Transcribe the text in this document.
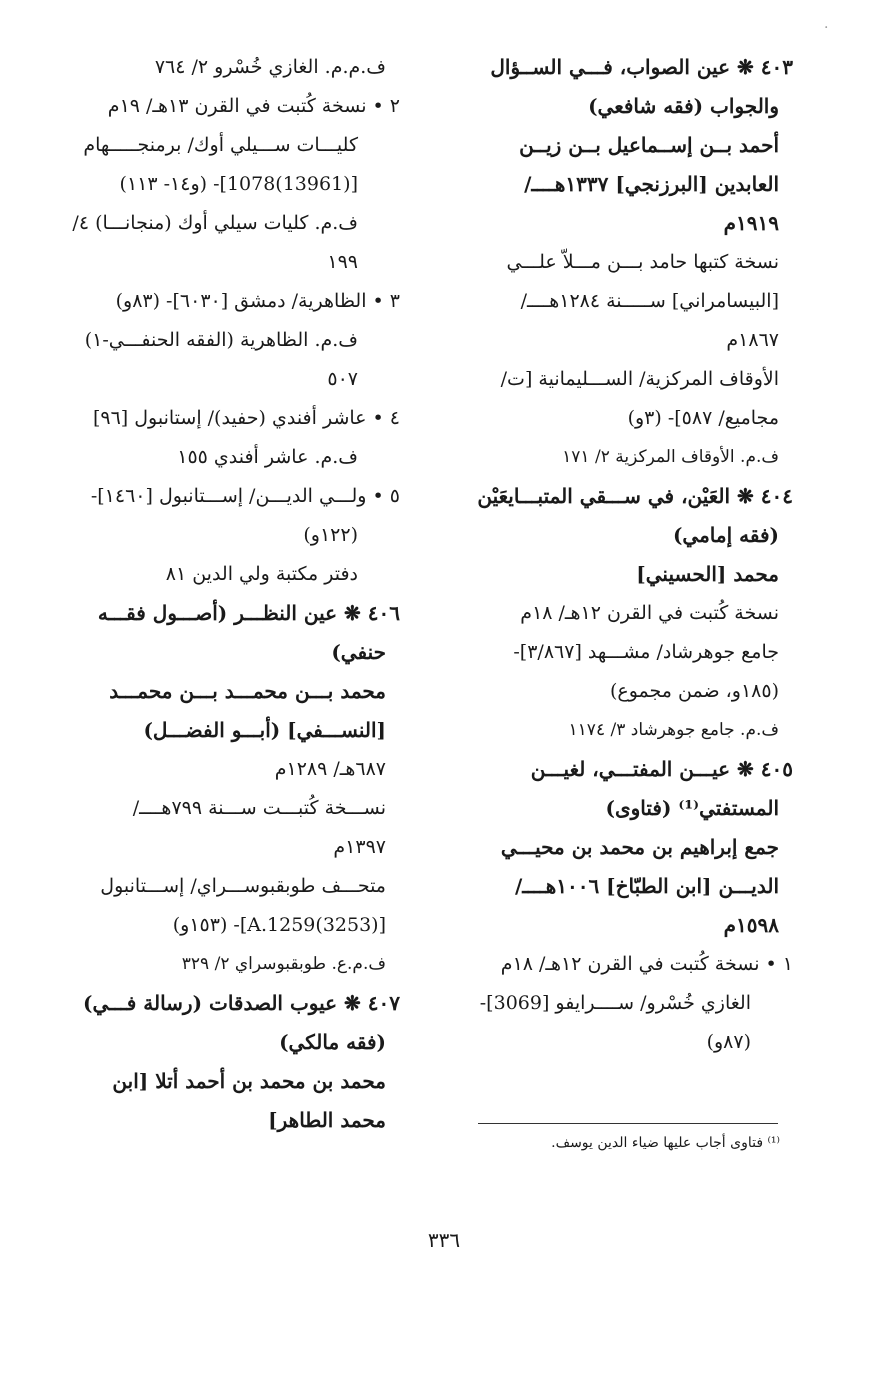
·
٤٠٣ ❋ عين الصواب، فـــي الســؤال
والجواب (فقه شافعي)
أحمد بــن إســماعيل بــن زيــن
العابدين [البرزنجي] ١٣٣٧هــــ/
١٩١٩م
نسخة كتبها حامد بـــن مـــلاّ علـــي
[البيسامراني] ســـــنة ١٢٨٤هــــ/
١٨٦٧م
الأوقاف المركزية/ الســـليمانية [ت/
مجاميع/ ٥٨٧]- (٣و)
ف.م. الأوقاف المركزية ٢/ ١٧١
٤٠٤ ❋ العَيْن، في ســـقي المتبـــايعَيْن
(فقه إمامي)
محمد [الحسيني]
نسخة كُتبت في القرن ١٢هـ/ ١٨م
جامع جوهرشاد/ مشـــهد [٣/٨٦٧]-
(١٨٥و، ضمن مجموع)
ف.م. جامع جوهرشاد ٣/ ١١٧٤
٤٠٥ ❋ عيـــن المفتـــي، لغيـــن
المستفتي⁽¹⁾ (فتاوى)
جمع إبراهيم بن محمد بن محيـــي
الديـــن [ابن الطبّاخ] ١٠٠٦هــــ/
١٥٩٨م
١ • نسخة كُتبت في القرن ١٢هـ/ ١٨م
الغازي خُسْرو/ ســــرايفو [3069]-
(٨٧و)
ف.م.م. الغازي خُسْرو ٢/ ٧٦٤
٢ • نسخة كُتبت في القرن ١٣هـ/ ١٩م
كليـــات ســـيلي أوك/ برمنجـــــهام
[(13961)1078]- (و١٤- ١١٣)
ف.م. كليات سيلي أوك (منجانـــا) ٤/
١٩٩
٣ • الظاهرية/ دمشق [٦٠٣٠]- (٨٣و)
ف.م. الظاهرية (الفقه الحنفـــي-١)
٥٠٧
٤ • عاشر أفندي (حفيد)/ إستانبول [٩٦]
ف.م. عاشر أفندي ١٥٥
٥ • ولـــي الديـــن/ إســـتانبول [١٤٦٠]-
(١٢٢و)
دفتر مكتبة ولي الدين ٨١
٤٠٦ ❋ عين النظـــر (أصـــول فقـــه
حنفي)
محمد بـــن محمـــد بـــن محمـــد
[النســـفي] (أبـــو الفضـــل)
٦٨٧هـ/ ١٢٨٩م
نســـخة كُتبـــت ســـنة ٧٩٩هــــ/
١٣٩٧م
متحـــف طوبقبوســـراي/ إســـتانبول
[(3253)A.1259]- (١٥٣و)
ف.م.ع. طوبقبوسراي ٢/ ٣٢٩
٤٠٧ ❋ عيوب الصدقات (رسالة فـــي)
(فقه مالكي)
محمد بن محمد بن أحمد أتلا [ابن
محمد الطاهر]
⁽¹⁾ فتاوى أجاب عليها ضياء الدين يوسف.
٣٣٦
